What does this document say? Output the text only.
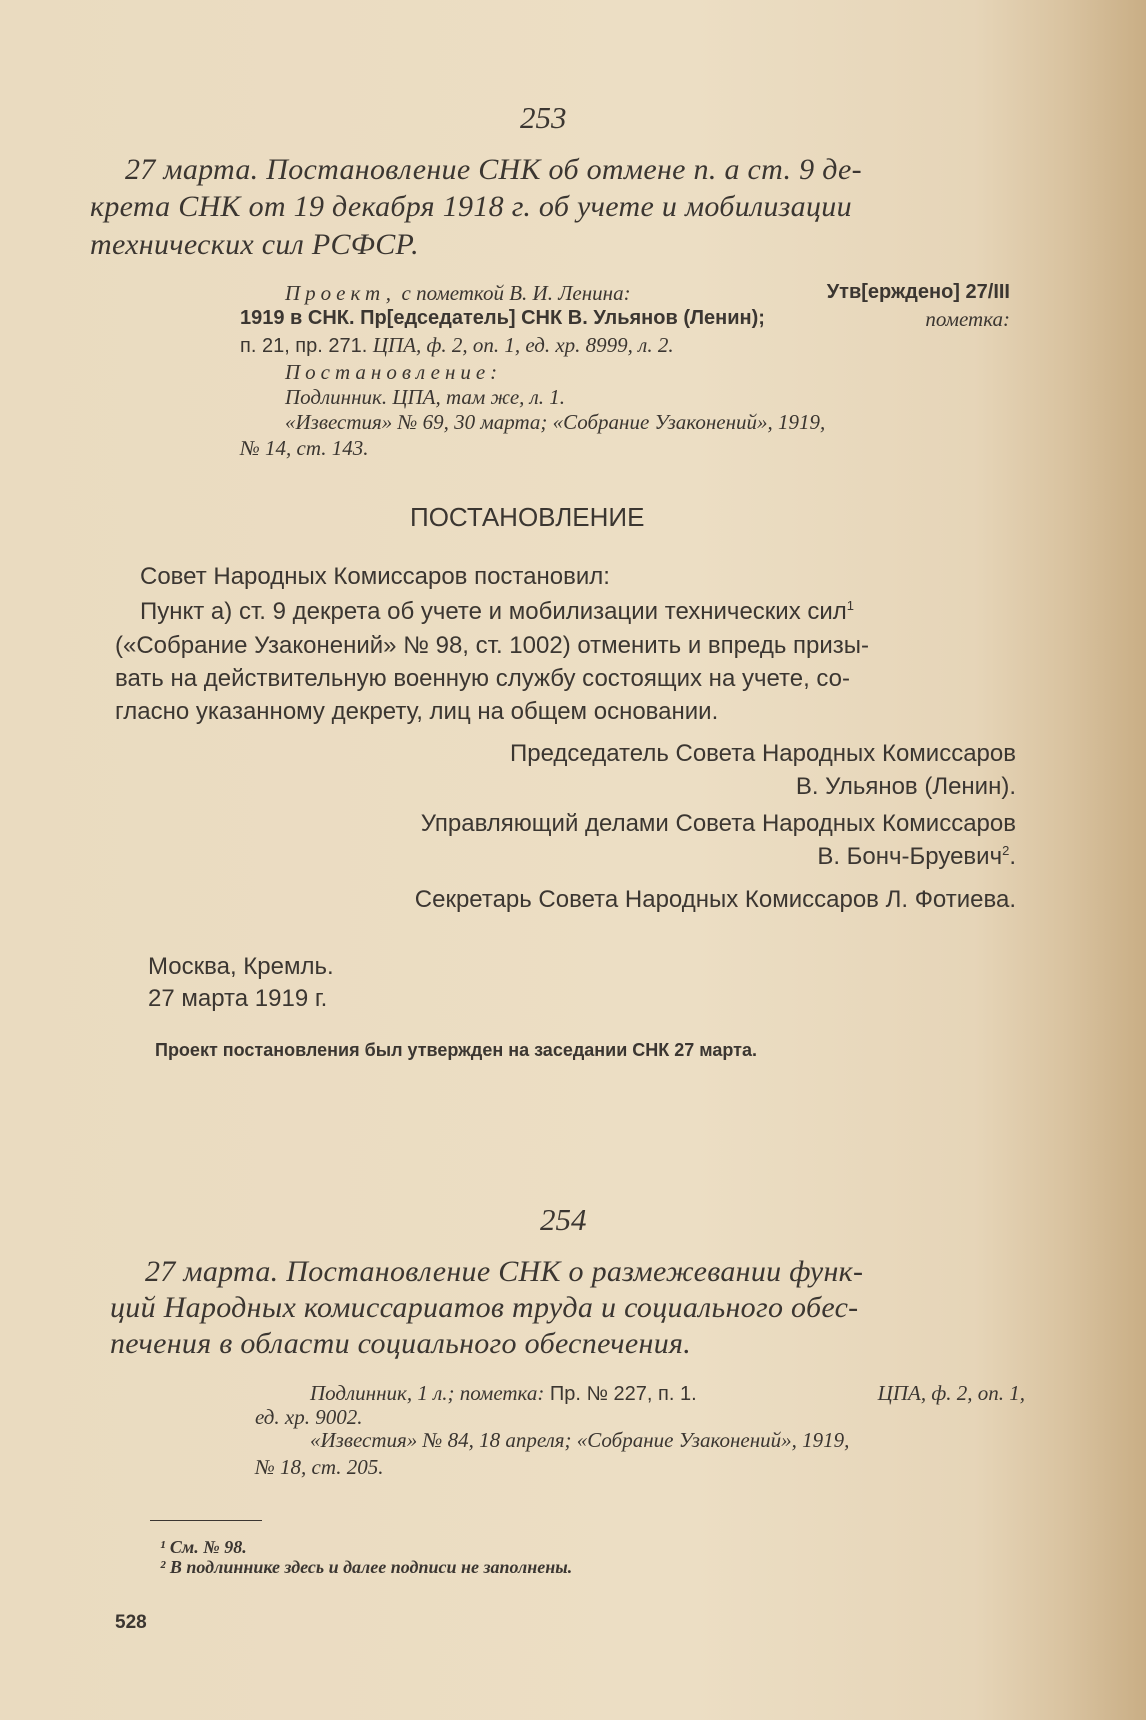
253
27 марта. Постановление СНК об отмене п. а ст. 9 де-
крета СНК от 19 декабря 1918 г. об учете и мобилизации
технических сил РСФСР.
Проект, с пометкой В. И. Ленина:	Утв[ерждено] 27/III
1919 в СНК. Пр[едседатель] СНК В. Ульянов (Ленин);	пометка:
п. 21, пр. 271. ЦПА, ф. 2, оп. 1, ед. хр. 8999, л. 2.
Постановление:
Подлинник. ЦПА, там же, л. 1.
«Известия» № 69, 30 марта; «Собрание Узаконений», 1919,
№ 14, ст. 143.
ПОСТАНОВЛЕНИЕ
Совет Народных Комиссаров постановил:
Пункт а) ст. 9 декрета об учете и мобилизации технических сил$^1$
(«Собрание Узаконений» № 98, ст. 1002) отменить и впредь призы-
вать на действительную военную службу состоящих на учете, со-
гласно указанному декрету, лиц на общем основании.
Председатель Совета Народных Комиссаров
В. Ульянов (Ленин).
Управляющий делами Совета Народных Комиссаров
В. Бонч-Бруевич$^2$.
Секретарь Совета Народных Комиссаров Л. Фотиева.
Москва, Кремль.
27 марта 1919 г.
Проект постановления был утвержден на заседании СНК 27 марта.
254
27 марта. Постановление СНК о размежевании функ-
ций Народных комиссариатов труда и социального обес-
печения в области социального обеспечения.
Подлинник, 1 л.; пометка: Пр. № 227, п. 1.	ЦПА, ф. 2, оп. 1,
ед. хр. 9002.
«Известия» № 84, 18 апреля; «Собрание Узаконений», 1919,
№ 18, ст. 205.
¹ См. № 98.
² В подлиннике здесь и далее подписи не заполнены.
528
